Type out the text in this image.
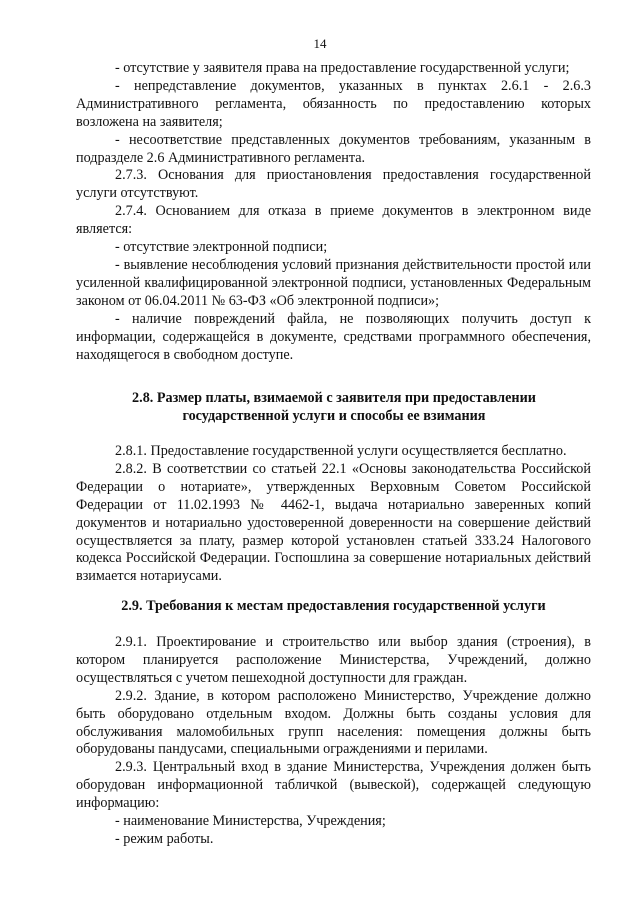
14

- отсутствие у заявителя права на предоставление государственной услуги;

- непредставление документов, указанных в пунктах 2.6.1 - 2.6.3 Административного регламента, обязанность по предоставлению которых возложена на заявителя;

- несоответствие представленных документов требованиям, указанным в подразделе 2.6 Административного регламента.

2.7.3. Основания для приостановления предоставления государственной услуги отсутствуют.

2.7.4. Основанием для отказа в приеме документов в электронном виде является:

- отсутствие электронной подписи;

- выявление несоблюдения условий признания действительности простой или усиленной квалифицированной электронной подписи, установленных Федеральным законом от 06.04.2011 № 63-ФЗ «Об электронной подписи»;

- наличие повреждений файла, не позволяющих получить доступ к информации, содержащейся в документе, средствами программного обеспечения, находящегося в свободном доступе.

2.8. Размер платы, взимаемой с заявителя при предоставлении государственной услуги и способы ее взимания

2.8.1. Предоставление государственной услуги осуществляется бесплатно.

2.8.2. В соответствии со статьей 22.1 «Основы законодательства Российской Федерации о нотариате», утвержденных Верховным Советом Российской Федерации от 11.02.1993 № 4462-1, выдача нотариально заверенных копий документов и нотариально удостоверенной доверенности на совершение действий осуществляется за плату, размер которой установлен статьей 333.24 Налогового кодекса Российской Федерации. Госпошлина за совершение нотариальных действий взимается нотариусами.

2.9. Требования к местам предоставления государственной услуги

2.9.1. Проектирование и строительство или выбор здания (строения), в котором планируется расположение Министерства, Учреждений, должно осуществляться с учетом пешеходной доступности для граждан.

2.9.2. Здание, в котором расположено Министерство, Учреждение должно быть оборудовано отдельным входом. Должны быть созданы условия для обслуживания маломобильных групп населения: помещения должны быть оборудованы пандусами, специальными ограждениями и перилами.

2.9.3. Центральный вход в здание Министерства, Учреждения должен быть оборудован информационной табличкой (вывеской), содержащей следующую информацию:

- наименование Министерства, Учреждения;

- режим работы.
